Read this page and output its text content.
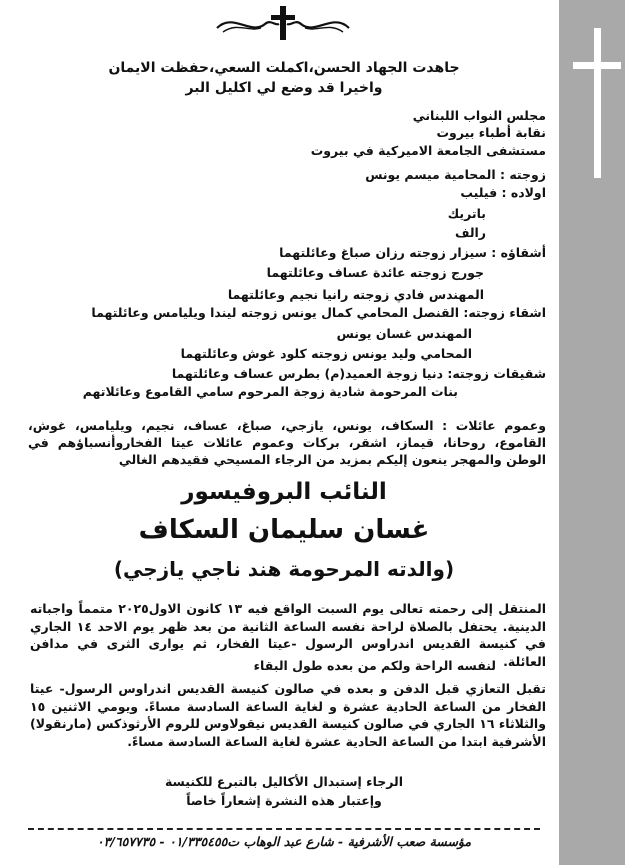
جاهدت الجهاد الحسن،اكملت السعي،حفظت الايمان
واخيرا قد وضع لي اكليل البر
مجلس النواب اللبناني
نقابة أطباء بيروت
مستشفى الجامعة الاميركية في بيروت
زوجته : المحامية ميسم يونس
اولاده : فيليب
باتريك
رالف
أشقاؤه : سيزار زوجته رزان صباغ وعائلتهما
جورج زوجته عائدة عساف وعائلتهما
المهندس فادي زوجته رانيا نجيم وعائلتهما
اشقاء زوجته: القنصل المحامي كمال يونس زوجته ليندا ويليامس وعائلتهما
المهندس غسان يونس
المحامي وليد يونس زوجته كلود غوش وعائلتهما
شقيقات زوجته: دنيا زوجة العميد(م) بطرس عساف وعائلتهما
بنات المرحومة شادية زوجة المرحوم سامي القاموع وعائلاتهم
وعموم عائلات : السكاف، يونس، يازجي، صباغ، عساف، نجيم، ويليامس، غوش، القاموع، روحانا، قيماز، اشقر، بركات وعموم عائلات عيتا الفخاروأنسباؤهم في الوطن والمهجر ينعون إليكم بمزيد من الرجاء المسيحي فقيدهم الغالي
النائب البروفيسور
غسان سليمان السكاف
(والدته المرحومة هند ناجي يازجي)
المنتقل إلى رحمته تعالى يوم السبت الواقع فيه ١٣ كانون الاول٢٠٢٥ متمماً واجباته الدينية. يحتفل بالصلاة لراحة نفسه الساعة الثانية من بعد ظهر يوم الاحد ١٤ الجاري في كنيسة القديس اندراوس الرسول -عيتا الفخار، ثم يوارى الثرى في مدافن العائلة.
لنفسه الراحة ولكم من بعده طول البقاء
تقبل التعازي قبل الدفن و بعده في صالون كنيسة القديس اندراوس الرسول- عيتا الفخار من الساعة الحادية عشرة و لغاية الساعة السادسة مساءً. ويومي الاثنين ١٥ والثلاثاء ١٦ الجاري في صالون كنيسة القديس نيقولاوس للروم الأرثوذكس (مارنقولا) الأشرفية ابتدا من الساعة الحادية عشرة لغاية الساعة السادسة مساءً.
الرجاء إستبدال الأكاليل بالتبرع للكنيسة
وإعتبار هذه النشرة إشعاراً خاصاً
مؤسسة صعب الأشرفية - شارع عبد الوهاب ت٠١/٣٣٥٤٥٥ - ٠٣/٦٥٧٧٣٥
